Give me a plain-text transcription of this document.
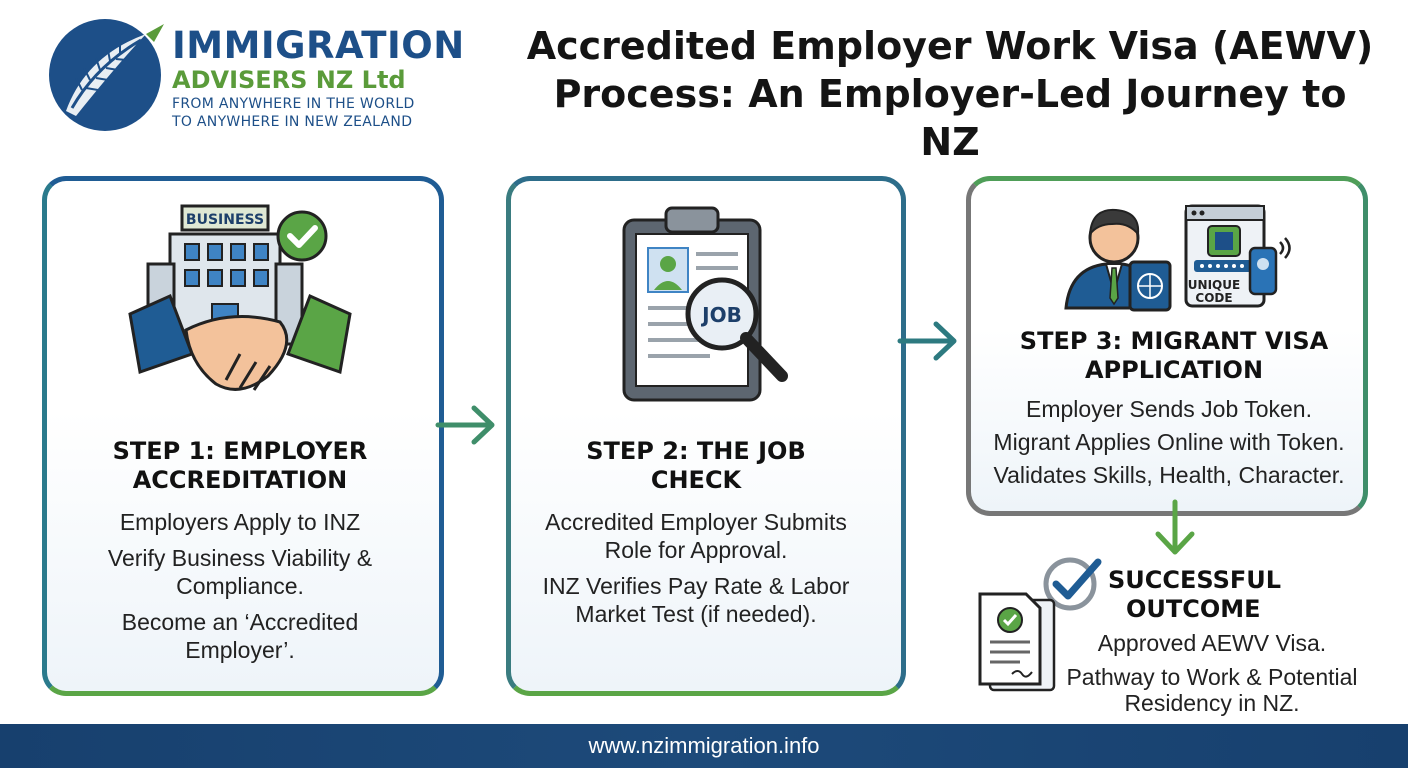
IMMIGRATION
ADVISERS NZ Ltd
FROM ANYWHERE IN THE WORLD
TO ANYWHERE IN NEW ZEALAND
Accredited Employer Work Visa (AEWV)
Process: An Employer-Led Journey to NZ
BUSINESS
STEP 1: EMPLOYER
ACCREDITATION

Employers Apply to INZ

Verify Business Viability & Compliance.

Become an ‘Accredited Employer’.

JOB
STEP 2: THE JOB
CHECK

Accredited Employer Submits Role for Approval.

INZ Verifies Pay Rate & Labor Market Test (if needed).

UNIQUE
CODE
STEP 3: MIGRANT VISA
APPLICATION
Employer Sends Job Token.
Migrant Applies Online with Token.
Validates Skills, Health, Character.
SUCCESSFUL
OUTCOME
Approved AEWV Visa.
Pathway to Work & Potential Residency in NZ.
www.nzimmigration.info
